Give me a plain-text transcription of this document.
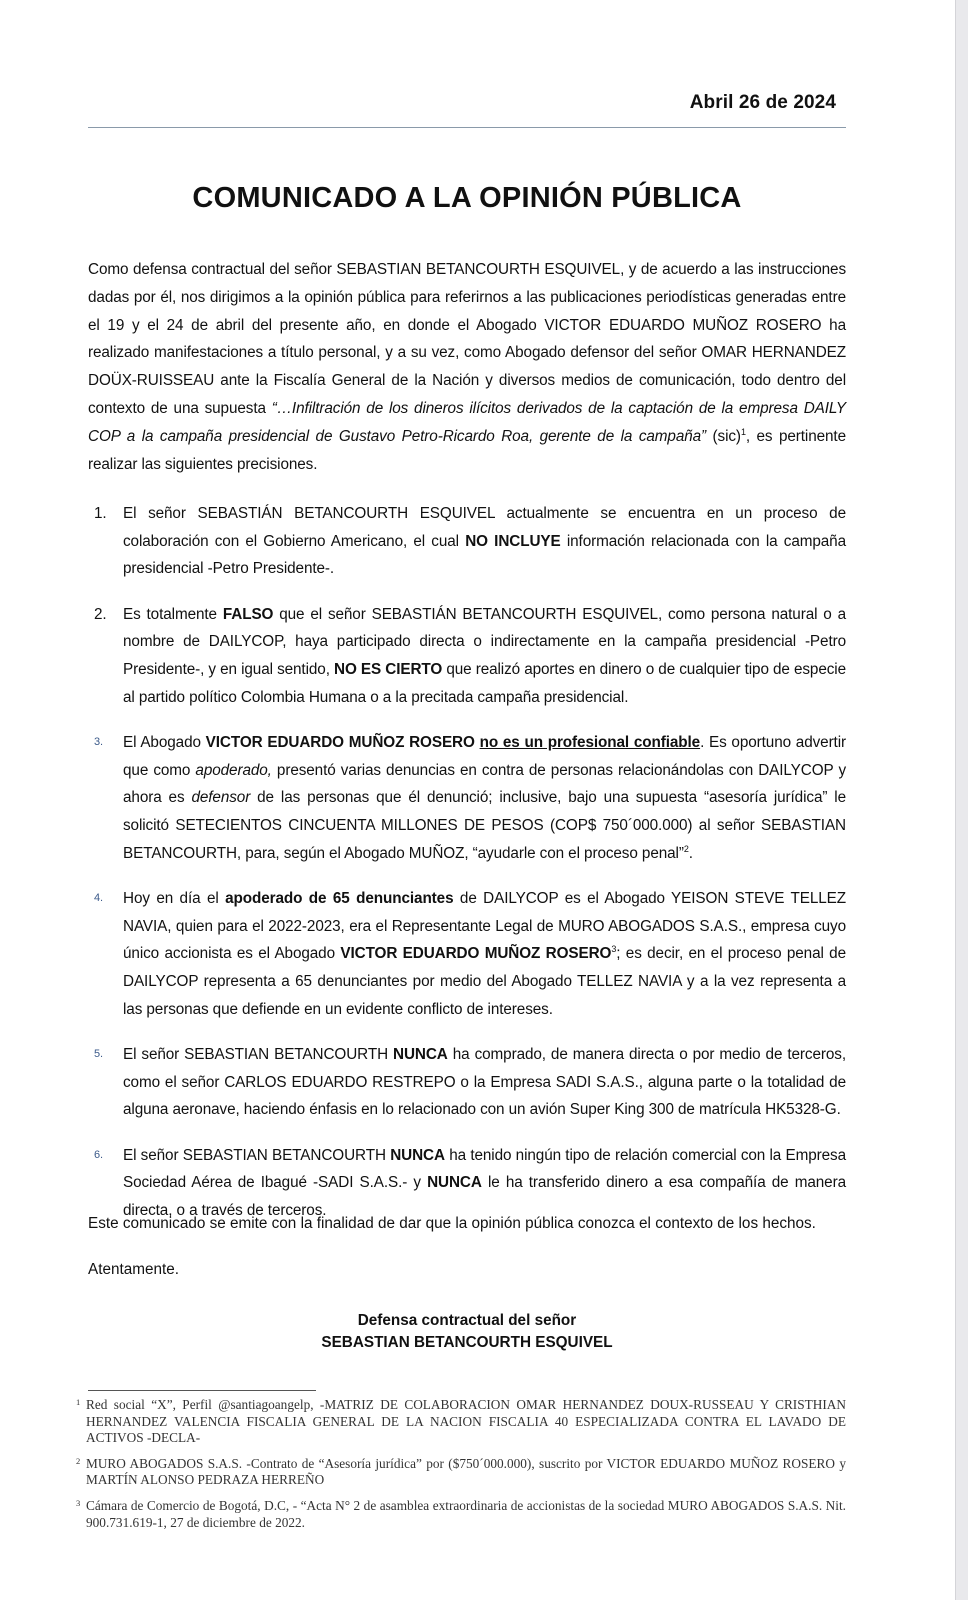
Abril 26 de 2024
COMUNICADO A LA OPINIÓN PÚBLICA

Como defensa contractual del señor SEBASTIAN BETANCOURTH ESQUIVEL, y de acuerdo a las instrucciones dadas por él, nos dirigimos a la opinión pública para referirnos a las publicaciones periodísticas generadas entre el 19 y el 24 de abril del presente año, en donde el Abogado VICTOR EDUARDO MUÑOZ ROSERO ha realizado manifestaciones a título personal, y a su vez, como Abogado defensor del señor OMAR HERNANDEZ DOÜX-RUISSEAU ante la Fiscalía General de la Nación y diversos medios de comunicación, todo dentro del contexto de una supuesta “…Infiltración de los dineros ilícitos derivados de la captación de la empresa DAILY COP a la campaña presidencial de Gustavo Petro-Ricardo Roa, gerente de la campaña” (sic)$^1$, es pertinente realizar las siguientes precisiones.

1.	El señor SEBASTIÁN BETANCOURTH ESQUIVEL actualmente se encuentra en un proceso de colaboración con el Gobierno Americano, el cual NO INCLUYE información relacionada con la campaña presidencial -Petro Presidente-.
2.	Es totalmente FALSO que el señor SEBASTIÁN BETANCOURTH ESQUIVEL, como persona natural o a nombre de DAILYCOP, haya participado directa o indirectamente en la campaña presidencial -Petro Presidente-, y en igual sentido, NO ES CIERTO que realizó aportes en dinero o de cualquier tipo de especie al partido político Colombia Humana o a la precitada campaña presidencial.
3.	El Abogado VICTOR EDUARDO MUÑOZ ROSERO no es un profesional confiable. Es oportuno advertir que como apoderado, presentó varias denuncias en contra de personas relacionándolas con DAILYCOP y ahora es defensor de las personas que él denunció; inclusive, bajo una supuesta “asesoría jurídica” le solicitó SETECIENTOS CINCUENTA MILLONES DE PESOS (COP$ 750´000.000) al señor SEBASTIAN BETANCOURTH, para, según el Abogado MUÑOZ, “ayudarle con el proceso penal”$^2$.
4.	Hoy en día el apoderado de 65 denunciantes de DAILYCOP es el Abogado YEISON STEVE TELLEZ NAVIA, quien para el 2022-2023, era el Representante Legal de MURO ABOGADOS S.A.S., empresa cuyo único accionista es el Abogado VICTOR EDUARDO MUÑOZ ROSERO$^3$; es decir, en el proceso penal de DAILYCOP representa a 65 denunciantes por medio del Abogado TELLEZ NAVIA y a la vez representa a las personas que defiende en un evidente conflicto de intereses.
5.	El señor SEBASTIAN BETANCOURTH NUNCA ha comprado, de manera directa o por medio de terceros, como el señor CARLOS EDUARDO RESTREPO o la Empresa SADI S.A.S., alguna parte o la totalidad de alguna aeronave, haciendo énfasis en lo relacionado con un avión Super King 300 de matrícula HK5328-G.
6.	El señor SEBASTIAN BETANCOURTH NUNCA ha tenido ningún tipo de relación comercial con la Empresa Sociedad Aérea de Ibagué -SADI S.A.S.- y NUNCA le ha transferido dinero a esa compañía de manera directa, o a través de terceros.
Este comunicado se emite con la finalidad de dar que la opinión pública conozca el contexto de los hechos.
Atentamente.
Defensa contractual del señor
SEBASTIAN BETANCOURTH ESQUIVEL
1 Red social “X”, Perfil @santiagoangelp, -MATRIZ DE COLABORACION OMAR HERNANDEZ DOUX-RUSSEAU Y CRISTHIAN HERNANDEZ VALENCIA FISCALIA GENERAL DE LA NACION FISCALIA 40 ESPECIALIZADA CONTRA EL LAVADO DE ACTIVOS -DECLA-
2 MURO ABOGADOS S.A.S. -Contrato de “Asesoría jurídica” por ($750´000.000), suscrito por VICTOR EDUARDO MUÑOZ ROSERO y MARTÍN ALONSO PEDRAZA HERREÑO
3 Cámara de Comercio de Bogotá, D.C, - “Acta N° 2 de asamblea extraordinaria de accionistas de la sociedad MURO ABOGADOS S.A.S. Nit. 900.731.619-1, 27 de diciembre de 2022.
